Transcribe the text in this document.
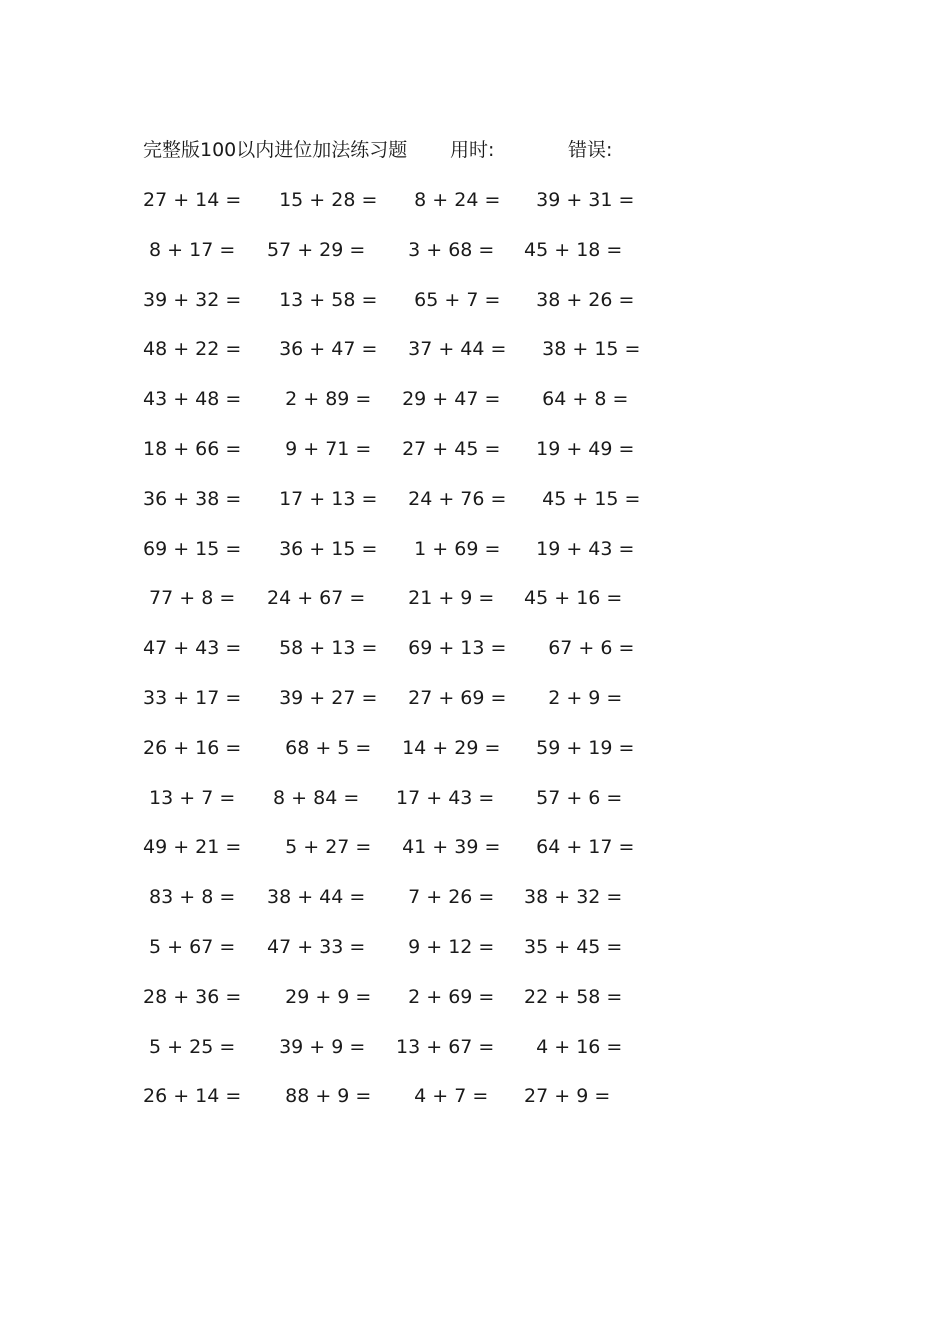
完整版100以内进位加法练习题 用时:	错误:
27 + 14 = 15 + 28 = 8 + 24 = 39 + 31 =
8 + 17 = 57 + 29 = 3 + 68 = 45 + 18 =
39 + 32 = 13 + 58 = 65 + 7 = 38 + 26 =
48 + 22 = 36 + 47 = 37 + 44 = 38 + 15 =
43 + 48 = 2 + 89 = 29 + 47 = 64 + 8 =
18 + 66 = 9 + 71 = 27 + 45 = 19 + 49 =
36 + 38 = 17 + 13 = 24 + 76 = 45 + 15 =
69 + 15 = 36 + 15 = 1 + 69 = 19 + 43 =
77 + 8 = 24 + 67 = 21 + 9 = 45 + 16 =
47 + 43 = 58 + 13 = 69 + 13 = 67 + 6 =
33 + 17 = 39 + 27 = 27 + 69 = 2 + 9 =
26 + 16 = 68 + 5 = 14 + 29 = 59 + 19 =
13 + 7 = 8 + 84 = 17 + 43 = 57 + 6 =
49 + 21 = 5 + 27 = 41 + 39 = 64 + 17 =
83 + 8 = 38 + 44 = 7 + 26 = 38 + 32 =
5 + 67 = 47 + 33 = 9 + 12 = 35 + 45 =
28 + 36 = 29 + 9 = 2 + 69 = 22 + 58 =
5 + 25 = 39 + 9 = 13 + 67 = 4 + 16 =
26 + 14 = 88 + 9 = 4 + 7 = 27 + 9 =
